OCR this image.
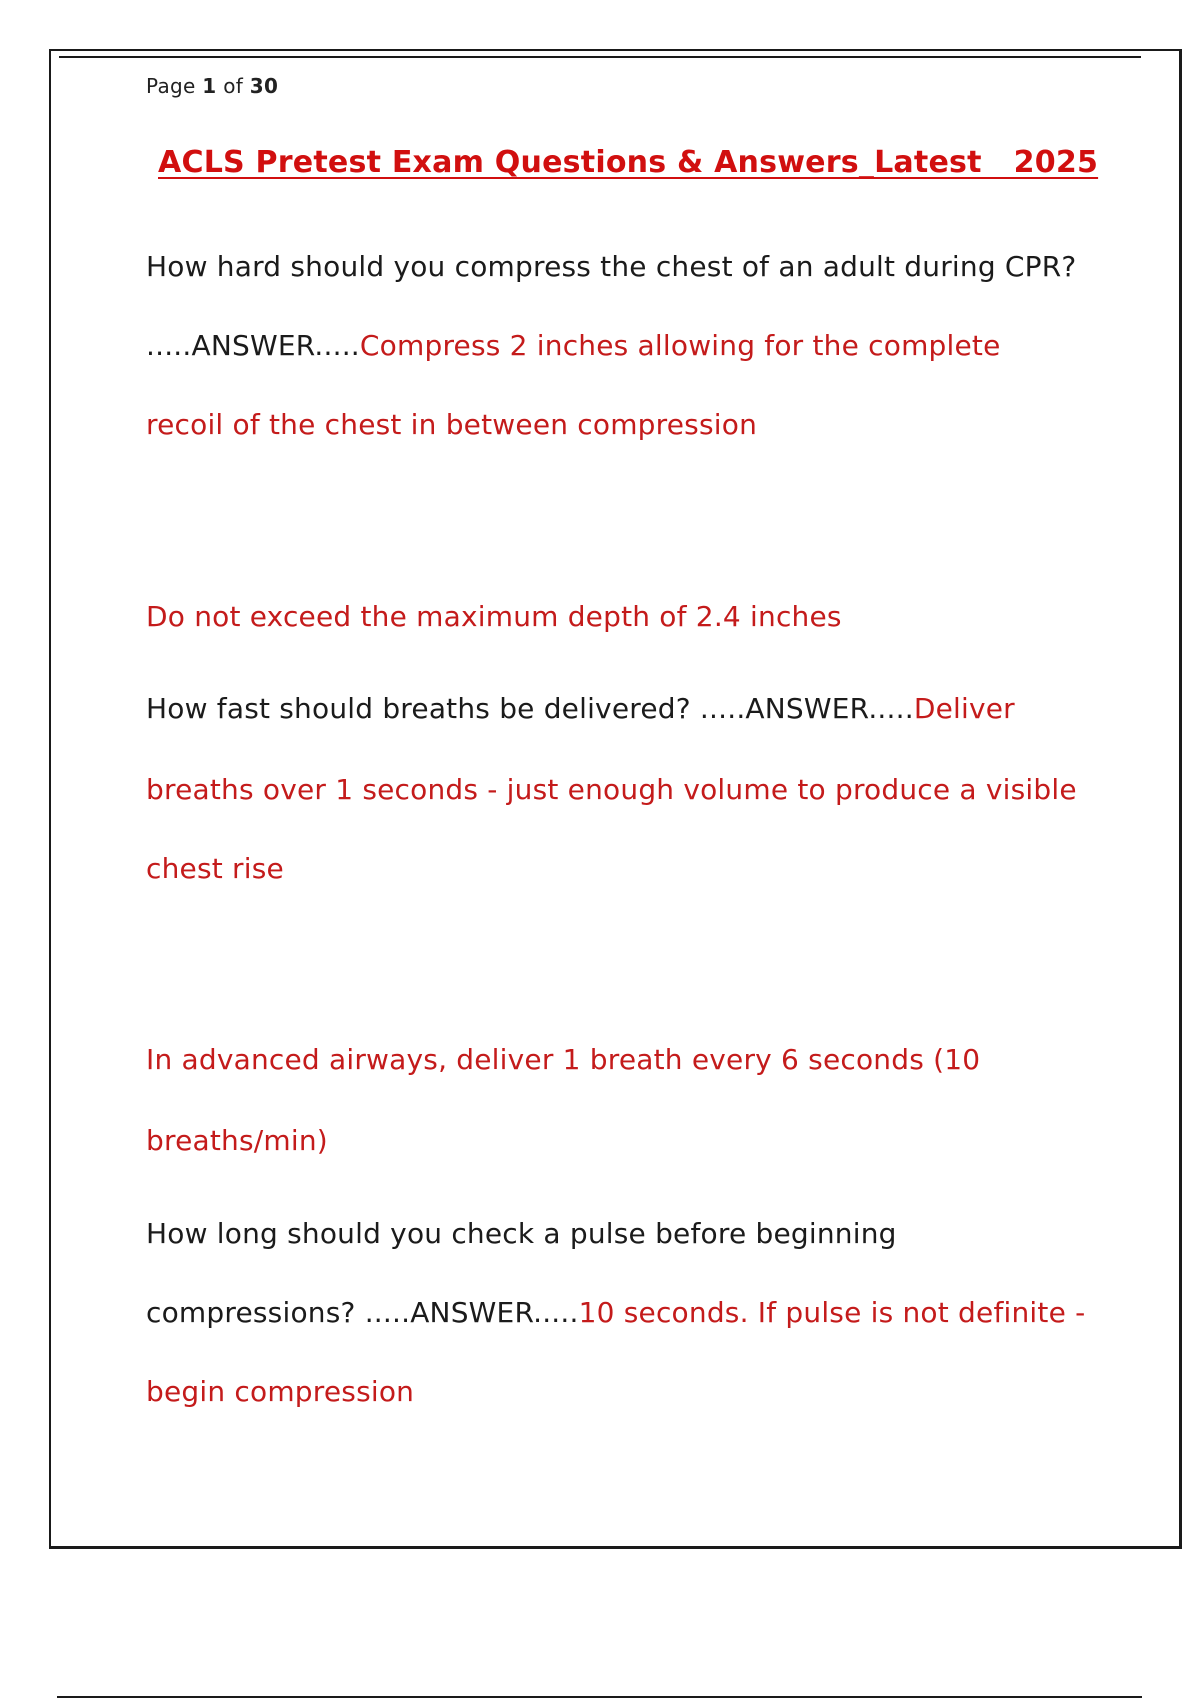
Page 1 of 30
ACLS Pretest Exam Questions & Answers_Latest   2025
How hard should you compress the chest of an adult during CPR?
.....ANSWER.....Compress 2 inches allowing for the complete
recoil of the chest in between compression
Do not exceed the maximum depth of 2.4 inches
How fast should breaths be delivered? .....ANSWER.....Deliver
breaths over 1 seconds - just enough volume to produce a visible
chest rise
In advanced airways, deliver 1 breath every 6 seconds (10
breaths/min)
How long should you check a pulse before beginning
compressions? .....ANSWER.....10 seconds. If pulse is not definite -
begin compression
